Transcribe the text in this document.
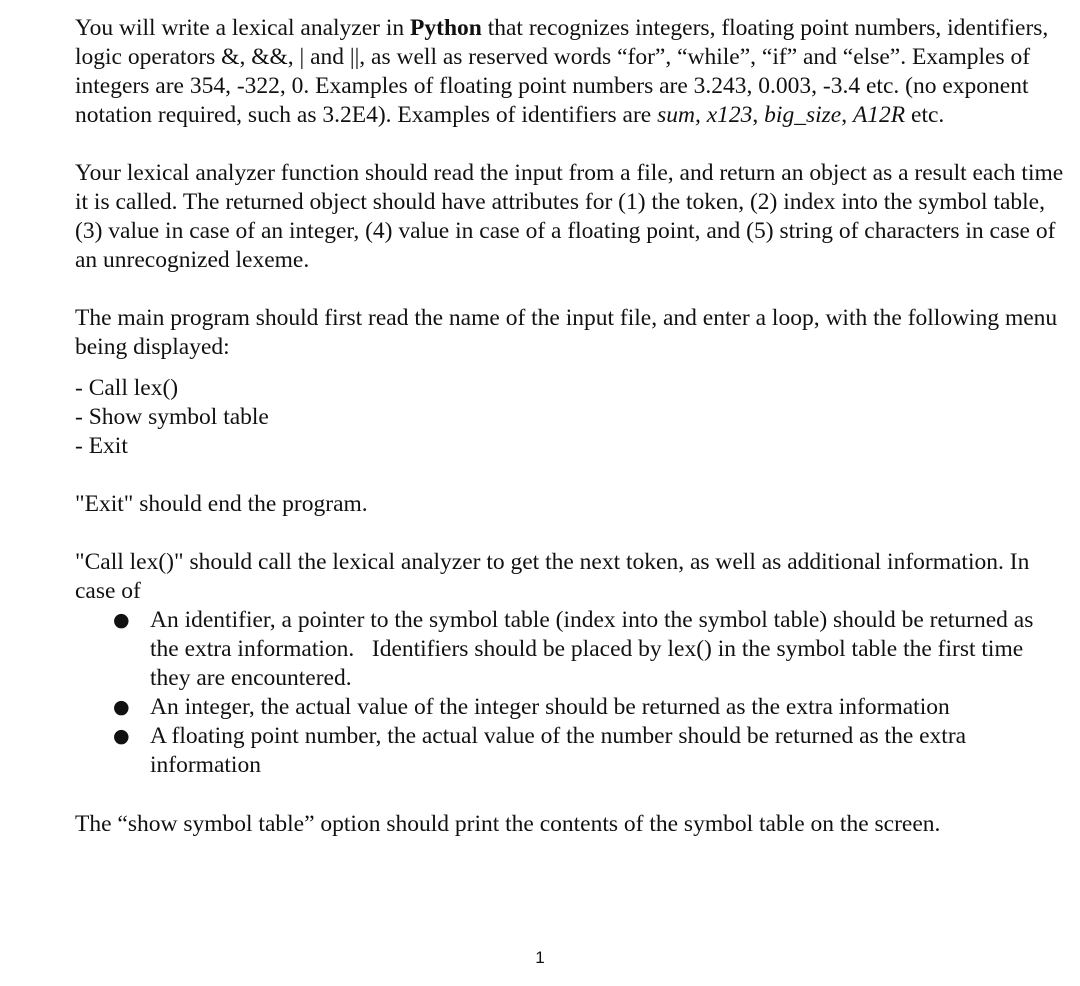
You will write a lexical analyzer in Python that recognizes integers, floating point numbers, identifiers, logic operators &, &&, | and ||, as well as reserved words “for”, “while”, “if” and “else”. Examples of integers are 354, -322, 0. Examples of floating point numbers are 3.243, 0.003, -3.4 etc. (no exponent notation required, such as 3.2E4). Examples of identifiers are sum, x123, big_size, A12R etc.

Your lexical analyzer function should read the input from a file, and return an object as a result each time it is called. The returned object should have attributes for (1) the token, (2) index into the symbol table, (3) value in case of an integer, (4) value in case of a floating point, and (5) string of characters in case of an unrecognized lexeme.

The main program should first read the name of the input file, and enter a loop, with the following menu being displayed:

- Call lex()
- Show symbol table
- Exit

"Exit" should end the program.

"Call lex()" should call the lexical analyzer to get the next token, as well as additional information. In case of

● An identifier, a pointer to the symbol table (index into the symbol table) should be returned as the extra information.   Identifiers should be placed by lex() in the symbol table the first time they are encountered.
● An integer, the actual value of the integer should be returned as the extra information
● A floating point number, the actual value of the number should be returned as the extra information

The “show symbol table” option should print the contents of the symbol table on the screen.

1
